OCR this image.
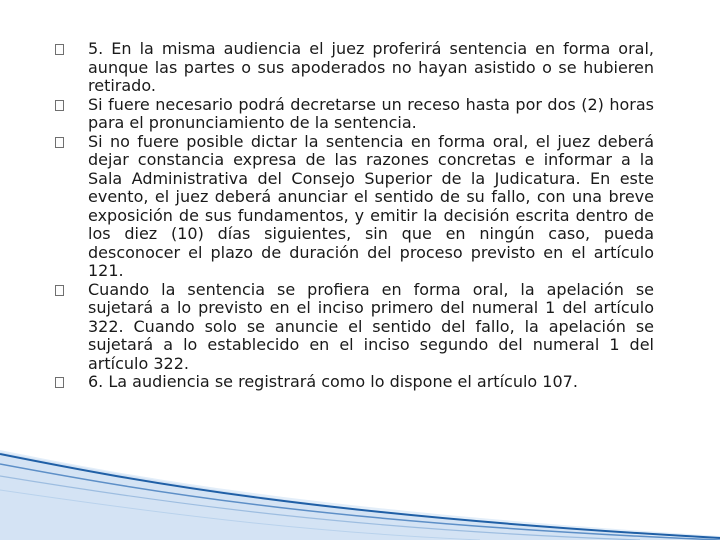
5. En la misma audiencia el juez proferirá sentencia en forma oral, aunque las partes o sus apoderados no hayan asistido o se hubieren retirado.

Si fuere necesario podrá decretarse un receso hasta por dos (2) horas para el pronunciamiento de la sentencia.

Si no fuere posible dictar la sentencia en forma oral, el juez deberá dejar constancia expresa de las razones concretas e informar a la Sala Administrativa del Consejo Superior de la Judicatura. En este evento, el juez deberá anunciar el sentido de su fallo, con una breve exposición de sus fundamentos, y emitir la decisión escrita dentro de los diez (10) días siguientes, sin que en ningún caso, pueda desconocer el plazo de duración del proceso previsto en el artículo 121.

Cuando la sentencia se profiera en forma oral, la apelación se sujetará a lo previsto en el inciso primero del numeral 1 del artículo 322. Cuando solo se anuncie el sentido del fallo, la apelación se sujetará a lo establecido en el inciso segundo del numeral 1 del artículo 322.

6. La audiencia se registrará como lo dispone el artículo 107.
